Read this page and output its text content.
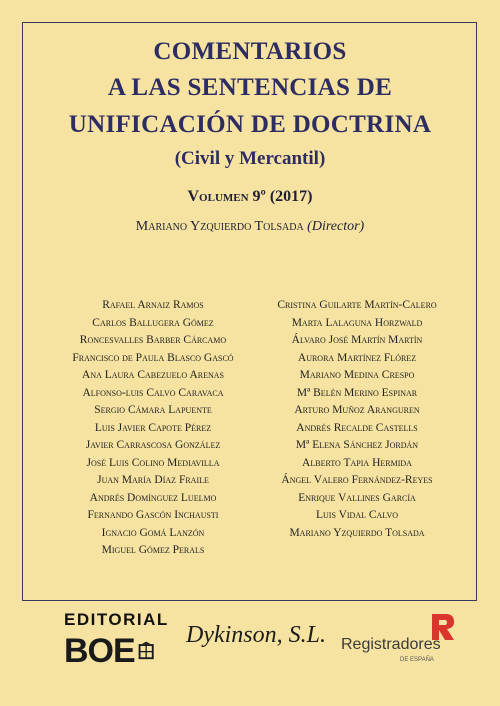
COMENTARIOS
A LAS SENTENCIAS DE
UNIFICACIÓN DE DOCTRINA
(Civil y Mercantil)
Volumen 9º (2017)
Mariano Yzquierdo Tolsada (Director)
Rafael Arnaiz Ramos
Carlos Ballugera Gómez
Roncesvalles Barber Cárcamo
Francisco de Paula Blasco Gascó
Ana Laura Cabezuelo Arenas
Alfonso-luis Calvo Caravaca
Sergio Cámara Lapuente
Luis Javier Capote Pérez
Javier Carrascosa González
José Luis Colino Mediavilla
Juan María Díaz Fraile
Andrés Domínguez Luelmo
Fernando Gascón Inchausti
Ignacio Gomá Lanzón
Miguel Gómez Perals
Cristina Guilarte Martín-Calero
Marta Lalaguna Horzwald
Álvaro José Martín Martín
Aurora Martínez Flórez
Mariano Medina Crespo
Mª Belén Merino Espinar
Arturo Muñoz Aranguren
Andrés Recalde Castells
Mª Elena Sánchez Jordán
Alberto Tapia Hermida
Ángel Valero Fernández-Reyes
Enrique Vallines García
Luis Vidal Calvo
Mariano Yzquierdo Tolsada
EDITORIAL
BOE Dykinson, S.L. Registradores
DE ESPAÑA
